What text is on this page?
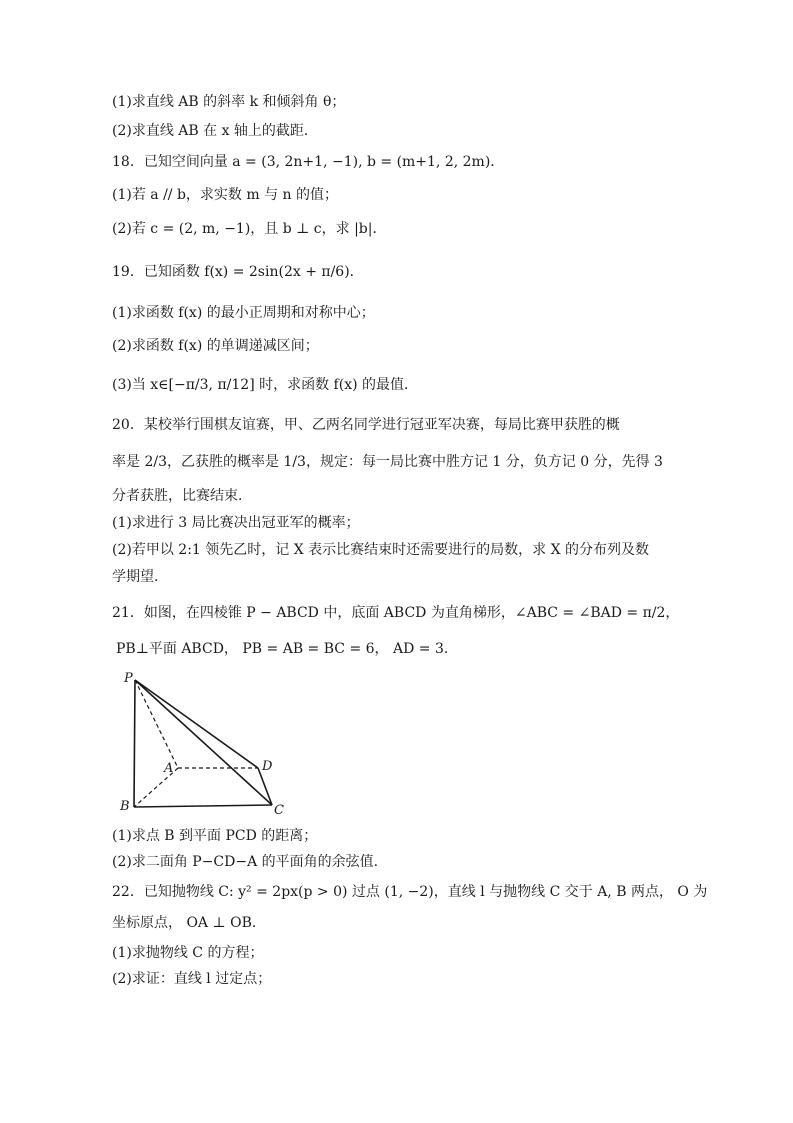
(1)求直线 AB 的斜率 k 和倾斜角 θ；
(2)求直线 AB 在 x 轴上的截距．
18．已知空间向量 a = (3, 2n+1, −1), b = (m+1, 2, 2m)．
(1)若 a // b，求实数 m 与 n 的值；
(2)若 c = (2, m, −1)，且 b ⊥ c，求 |b|．
19．已知函数 f(x) = 2sin(2x + π/6)．
(1)求函数 f(x) 的最小正周期和对称中心；
(2)求函数 f(x) 的单调递减区间；
(3)当 x∈[−π/3, π/12] 时，求函数 f(x) 的最值．
20．某校举行围棋友谊赛，甲、乙两名同学进行冠亚军决赛，每局比赛甲获胜的概
率是 2/3，乙获胜的概率是 1/3，规定：每一局比赛中胜方记 1 分，负方记 0 分，先得 3
分者获胜，比赛结束．
(1)求进行 3 局比赛决出冠亚军的概率；
(2)若甲以 2:1 领先乙时，记 X 表示比赛结束时还需要进行的局数，求 X 的分布列及数
学期望．
21．如图，在四棱锥 P − ABCD 中，底面 ABCD 为直角梯形，∠ABC = ∠BAD = π/2，
PB⊥平面 ABCD， PB = AB = BC = 6， AD = 3.
P
A
B	C
D
(1)求点 B 到平面 PCD 的距离；
(2)求二面角 P−CD−A 的平面角的余弦值.
22．已知抛物线 C: y² = 2px(p > 0) 过点 (1, −2)，直线 l 与抛物线 C 交于 A, B 两点， O 为
坐标原点， OA ⊥ OB．
(1)求抛物线 C 的方程；
(2)求证：直线 l 过定点；
